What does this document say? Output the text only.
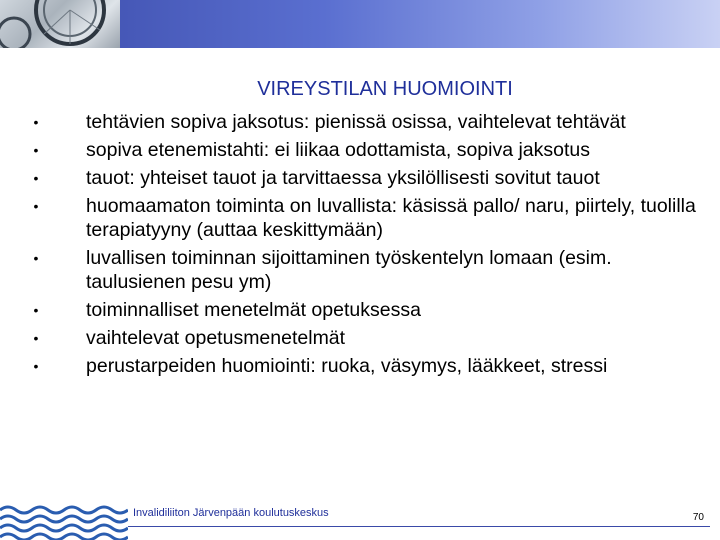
VIREYSTILAN HUOMIOINTI
•	tehtävien sopiva jaksotus: pienissä osissa, vaihtelevat tehtävät
•	sopiva etenemistahti: ei liikaa odottamista, sopiva jaksotus
•	tauot: yhteiset tauot ja tarvittaessa yksilöllisesti sovitut tauot
•	huomaamaton toiminta on luvallista: käsissä pallo/ naru, piirtely, tuolilla terapiatyyny (auttaa keskittymään)
•	luvallisen toiminnan sijoittaminen työskentelyn lomaan (esim. taulusienen pesu ym)
•	toiminnalliset menetelmät opetuksessa
•	vaihtelevat opetusmenetelmät
•	perustarpeiden huomiointi: ruoka, väsymys, lääkkeet, stressi
Invalidiliiton Järvenpään koulutuskeskus	70
